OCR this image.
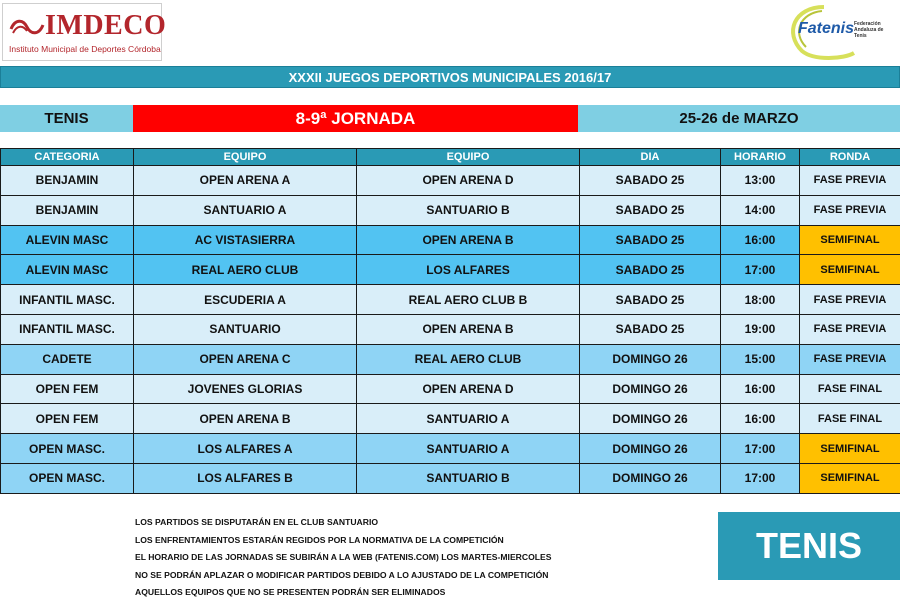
IMDECO
Instituto Municipal de Deportes Córdoba
Fatenis Federación Andaluza de Tenis
XXXII JUEGOS DEPORTIVOS MUNICIPALES 2016/17
TENIS	8-9ª JORNADA	25-26 de MARZO
CATEGORIA	EQUIPO	EQUIPO	DIA	HORARIO	RONDA
BENJAMIN	OPEN ARENA A	OPEN ARENA D	SABADO 25	13:00	FASE PREVIA
BENJAMIN	SANTUARIO A	SANTUARIO B	SABADO 25	14:00	FASE PREVIA
ALEVIN MASC	AC VISTASIERRA	OPEN ARENA B	SABADO 25	16:00	SEMIFINAL
ALEVIN MASC	REAL AERO CLUB	LOS ALFARES	SABADO 25	17:00	SEMIFINAL
INFANTIL MASC.	ESCUDERIA A	REAL AERO CLUB B	SABADO 25	18:00	FASE PREVIA
INFANTIL MASC.	SANTUARIO	OPEN ARENA B	SABADO 25	19:00	FASE PREVIA
CADETE	OPEN ARENA C	REAL AERO CLUB	DOMINGO 26	15:00	FASE PREVIA
OPEN FEM	JOVENES GLORIAS	OPEN ARENA D	DOMINGO 26	16:00	FASE FINAL
OPEN FEM	OPEN ARENA B	SANTUARIO A	DOMINGO 26	16:00	FASE FINAL
OPEN MASC.	LOS ALFARES A	SANTUARIO A	DOMINGO 26	17:00	SEMIFINAL
OPEN MASC.	LOS ALFARES B	SANTUARIO B	DOMINGO 26	17:00	SEMIFINAL
LOS PARTIDOS SE DISPUTARÁN EN EL CLUB SANTUARIO
LOS ENFRENTAMIENTOS ESTARÁN REGIDOS POR LA NORMATIVA DE LA COMPETICIÓN
EL HORARIO DE LAS JORNADAS SE SUBIRÁN A LA WEB (FATENIS.COM) LOS MARTES-MIERCOLES
NO SE PODRÁN APLAZAR O MODIFICAR PARTIDOS DEBIDO A LO AJUSTADO DE LA COMPETICIÓN
AQUELLOS EQUIPOS QUE NO SE PRESENTEN PODRÁN SER ELIMINADOS
TENIS
